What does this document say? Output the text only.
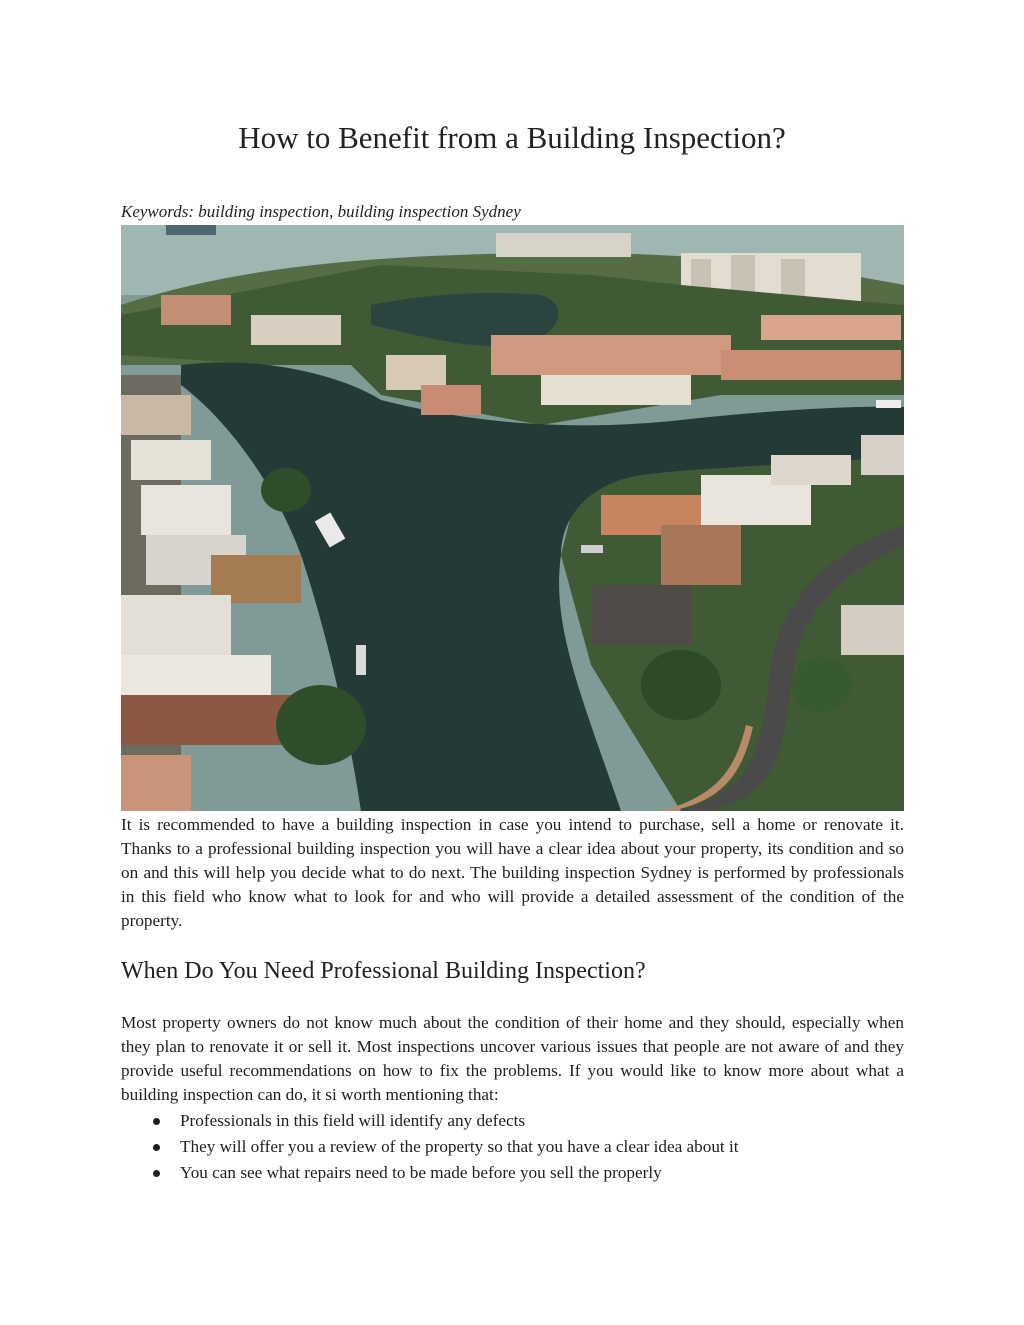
How to Benefit from a Building Inspection?
Keywords: building inspection, building inspection Sydney

It is recommended to have a building inspection in case you intend to purchase, sell a home or renovate it. Thanks to a professional building inspection you will have a clear idea about your property, its condition and so on and this will help you decide what to do next. The building inspection Sydney is performed by professionals in this field who know what to look for and who will provide a detailed assessment of the condition of the property.

When Do You Need Professional Building Inspection?

Most property owners do not know much about the condition of their home and they should, especially when they plan to renovate it or sell it. Most inspections uncover various issues that people are not aware of and they provide useful recommendations on how to fix the problems. If you would like to know more about what a building inspection can do, it si worth mentioning that:

Professionals in this field will identify any defects
They will offer you a review of the property so that you have a clear idea about it
You can see what repairs need to be made before you sell the properly
